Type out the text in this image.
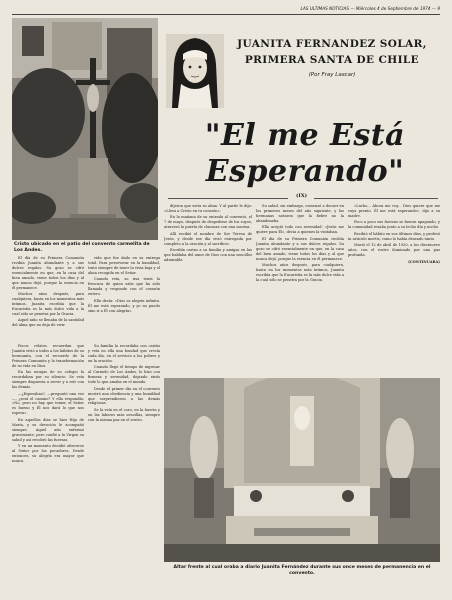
LAS ULTIMAS NOTICIAS — Miércoles 4 de Septiembre de 1974 — 9
Cristo ubicado en el patio del convento carmelita de Los Andes.
JUANITA FERNANDEZ SOLAR,
PRIMERA SANTA DE CHILE
(Por Fray Lascar)
"El me Está
Esperando"
(IX)

El día de su Primera Comunión recibía Juanita abundante y a sus dulces regalos. Su gozo se cifró esencialmente en que, en la casa del bien amado, viene todos los días y al que nunca dejó, porque la esencia en él permanece.

Muchos años después, para cualquiera, hasta en los momentos más íntimos, Juanita escribía que la Eucaristía es la más dulce vida a la cual sólo se penetra por la Gracia.

Aquel niño se llenaba de la santidad del alma que no deja de vivir.

vida que fue dado en su entrega total. Para perseverar en la humildad, trató siempre de tener la vista baja y el alma recogida en el Señor.

Cuando reía, su risa tenía la frescura de quien sabe que ha sido llamada y responde con el corazón entero.

Ella decía: «Dios es alegría infinita. Él me está esperando, y yo no puedo sino ir a Él con alegría».

Pocos relatos recuerdan que Juanita vivió a todos a los hábitos de su hermanita, con el recuerdo de la Primera Comunión y la transformación de su vida en Dios.

En las monjas de su colegio la recordaban por su silencio. Se veía siempre dispuesta a servir y a reír con las demás.

—¿Esperabas?, —preguntó una vez—, ¿será el camino? Y ella respondía: «No, pero no hay que temer, el Señor es bueno y Él nos dará lo que nos espera».

En aquellos días se hizo Hija de María, y su devoción le acompañó siempre. Aquel año enfermó gravemente, pero confió a la Virgen su salud y así recobró las fuerzas.

Y en un momento decidió ofrecerse al Señor por los pecadores. Desde entonces, su alegría era mayor que nunca.

Su familia la recordaba con cariño y veía en ella una bondad que crecía cada día, en el servicio a los pobres y en la oración.

Cuando llegó el tiempo de ingresar al Carmelo de Los Andes, lo hizo con firmeza y serenidad, dejando atrás todo lo que amaba en el mundo.

Desde el primer día en el convento mostró una obediencia y una humildad que sorprendieron a las demás religiosas.

Se la veía en el coro, en la huerta y en las labores más sencillas, siempre con la misma paz en el rostro.

dijeron que sería su alma. Y al partir le dijo: «Lleva a Cristo en tu corazón».

En la mañana de su entrada al convento, el 7 de mayo, después de despedirse de los suyos, atravesó la puerta de clausura con una sonrisa.

Allí recibió el nombre de Sor Teresa de Jesús, y desde ese día vivió entregada por completo a la oración y al sacrificio.

Escribía cartas a su familia y amigas en las que hablaba del amor de Dios con una sencillez admirable.

Su salud, sin embargo, comenzó a decaer en los primeros meses del año siguiente, y las hermanas notaron que la fiebre no la abandonaba.

Ella aceptó todo con serenidad: «Jesús me quiere para Él», decía a quienes la visitaban.

El día de su Primera Comunión recibía Juanita abundante y a sus dulces regalos. Su gozo se cifró esencialmente en que, en la casa del bien amado, viene todos los días y al que nunca dejó, porque la esencia en él permanece.

Muchos años después, para cualquiera, hasta en los momentos más íntimos, Juanita escribía que la Eucaristía es la más dulce vida a la cual sólo se penetra por la Gracia.

«Lucho... Ahora me voy... Dios quiere que me vaya pronto. Él me está esperando», dijo a su madre.

Poco a poco sus fuerzas se fueron apagando, y la comunidad rezaba junto a su lecho día y noche.

Recibió el hábito en sus últimos días, y profesó in articulo mortis, como lo había deseado tanto.

Murió el 12 de abril de 1920, a los diecinueve años, con el rostro iluminado por una paz profunda.

(CONTINUARA)

Altar frente al cual oraba a diario Juanita Fernández durante sus once meses de permanencia en el convento.
